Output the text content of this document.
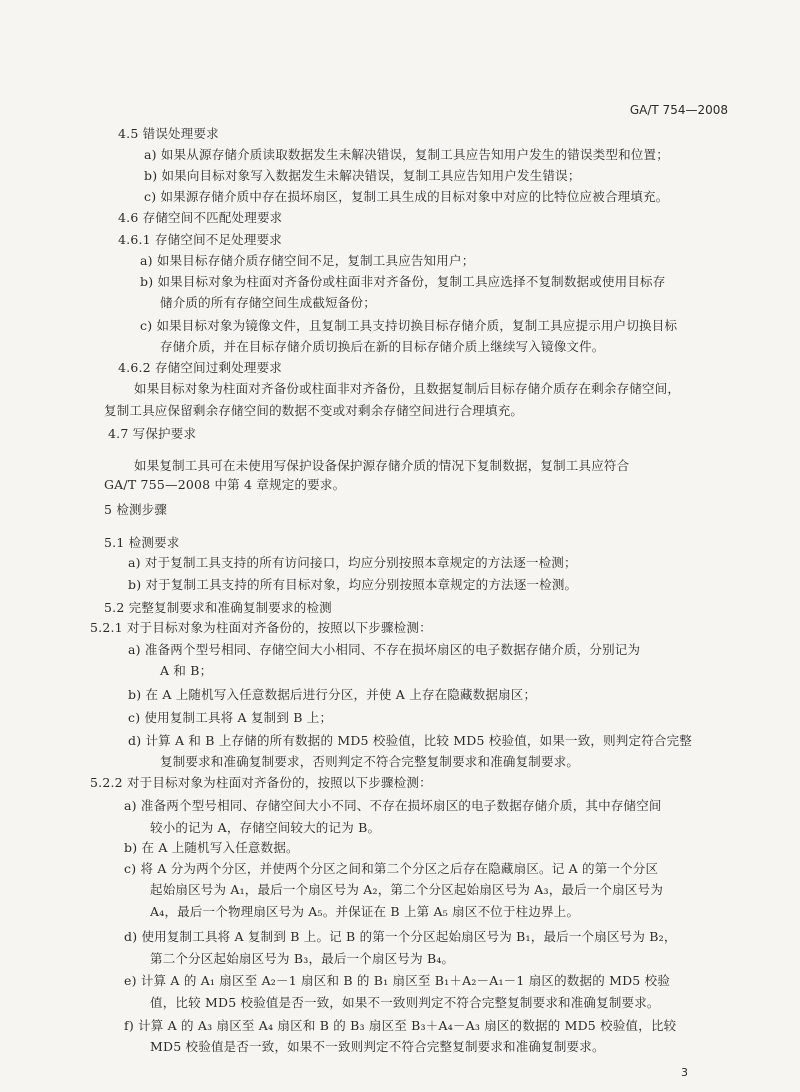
GA/T 754—2008
4.5 错误处理要求
a) 如果从源存储介质读取数据发生未解决错误，复制工具应告知用户发生的错误类型和位置；
b) 如果向目标对象写入数据发生未解决错误，复制工具应告知用户发生错误；
c) 如果源存储介质中存在损坏扇区，复制工具生成的目标对象中对应的比特位应被合理填充。
4.6 存储空间不匹配处理要求
4.6.1 存储空间不足处理要求
a) 如果目标存储介质存储空间不足，复制工具应告知用户；
b) 如果目标对象为柱面对齐备份或柱面非对齐备份，复制工具应选择不复制数据或使用目标存
储介质的所有存储空间生成截短备份；
c) 如果目标对象为镜像文件，且复制工具支持切换目标存储介质，复制工具应提示用户切换目标
存储介质，并在目标存储介质切换后在新的目标存储介质上继续写入镜像文件。
4.6.2 存储空间过剩处理要求
如果目标对象为柱面对齐备份或柱面非对齐备份，且数据复制后目标存储介质存在剩余存储空间，
复制工具应保留剩余存储空间的数据不变或对剩余存储空间进行合理填充。
4.7 写保护要求
如果复制工具可在未使用写保护设备保护源存储介质的情况下复制数据，复制工具应符合
GA/T 755—2008 中第 4 章规定的要求。
5 检测步骤
5.1 检测要求
a) 对于复制工具支持的所有访问接口，均应分别按照本章规定的方法逐一检测；
b) 对于复制工具支持的所有目标对象，均应分别按照本章规定的方法逐一检测。
5.2 完整复制要求和准确复制要求的检测
5.2.1 对于目标对象为柱面对齐备份的，按照以下步骤检测：
a) 准备两个型号相同、存储空间大小相同、不存在损坏扇区的电子数据存储介质，分别记为
A 和 B；
b) 在 A 上随机写入任意数据后进行分区，并使 A 上存在隐藏数据扇区；
c) 使用复制工具将 A 复制到 B 上；
d) 计算 A 和 B 上存储的所有数据的 MD5 校验值，比较 MD5 校验值，如果一致，则判定符合完整
复制要求和准确复制要求，否则判定不符合完整复制要求和准确复制要求。
5.2.2 对于目标对象为柱面对齐备份的，按照以下步骤检测：
a) 准备两个型号相同、存储空间大小不同、不存在损坏扇区的电子数据存储介质，其中存储空间
较小的记为 A，存储空间较大的记为 B。
b) 在 A 上随机写入任意数据。
c) 将 A 分为两个分区，并使两个分区之间和第二个分区之后存在隐藏扇区。记 A 的第一个分区
起始扇区号为 A₁，最后一个扇区号为 A₂，第二个分区起始扇区号为 A₃，最后一个扇区号为
A₄，最后一个物理扇区号为 A₅。并保证在 B 上第 A₅ 扇区不位于柱边界上。
d) 使用复制工具将 A 复制到 B 上。记 B 的第一个分区起始扇区号为 B₁，最后一个扇区号为 B₂，
第二个分区起始扇区号为 B₃，最后一个扇区号为 B₄。
e) 计算 A 的 A₁ 扇区至 A₂－1 扇区和 B 的 B₁ 扇区至 B₁＋A₂－A₁－1 扇区的数据的 MD5 校验
值，比较 MD5 校验值是否一致，如果不一致则判定不符合完整复制要求和准确复制要求。
f) 计算 A 的 A₃ 扇区至 A₄ 扇区和 B 的 B₃ 扇区至 B₃＋A₄－A₃ 扇区的数据的 MD5 校验值，比较
MD5 校验值是否一致，如果不一致则判定不符合完整复制要求和准确复制要求。
3
